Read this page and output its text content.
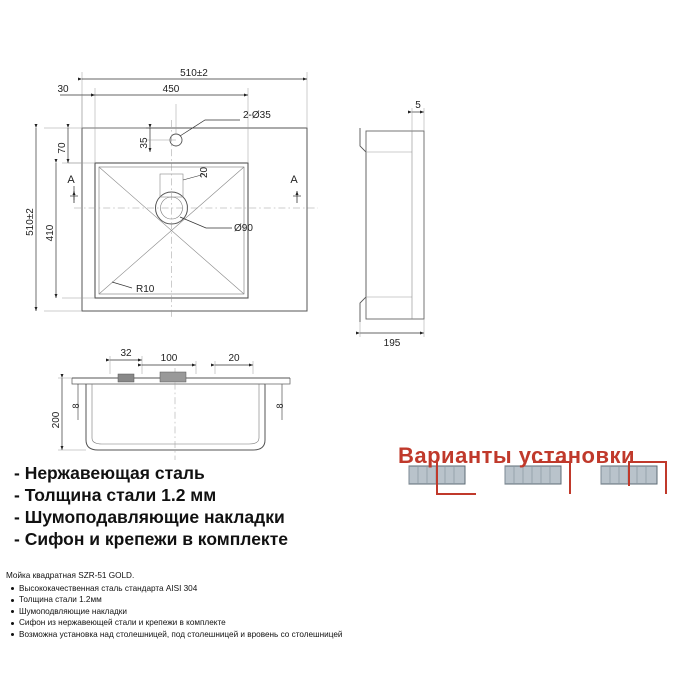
510±2
450
30
2-Ø35
Ø90
20
R10
510±2 410
70	35
A	A
5
195
32	100	20
200
8	8
- Нержавеющая сталь
- Толщина стали 1.2 мм
- Шумоподавляющие накладки
- Сифон и крепежи в комплекте
Варианты установки
Мойка квадратная SZR-51 GOLD.
Высококачественная сталь стандарта AISI 304
Толщина стали 1.2мм
Шумоподвляющие накладки
Сифон из нержавеющей стали и крепежи в комплекте
Возможна установка над столешницей, под столешницей и вровень со столешницей
